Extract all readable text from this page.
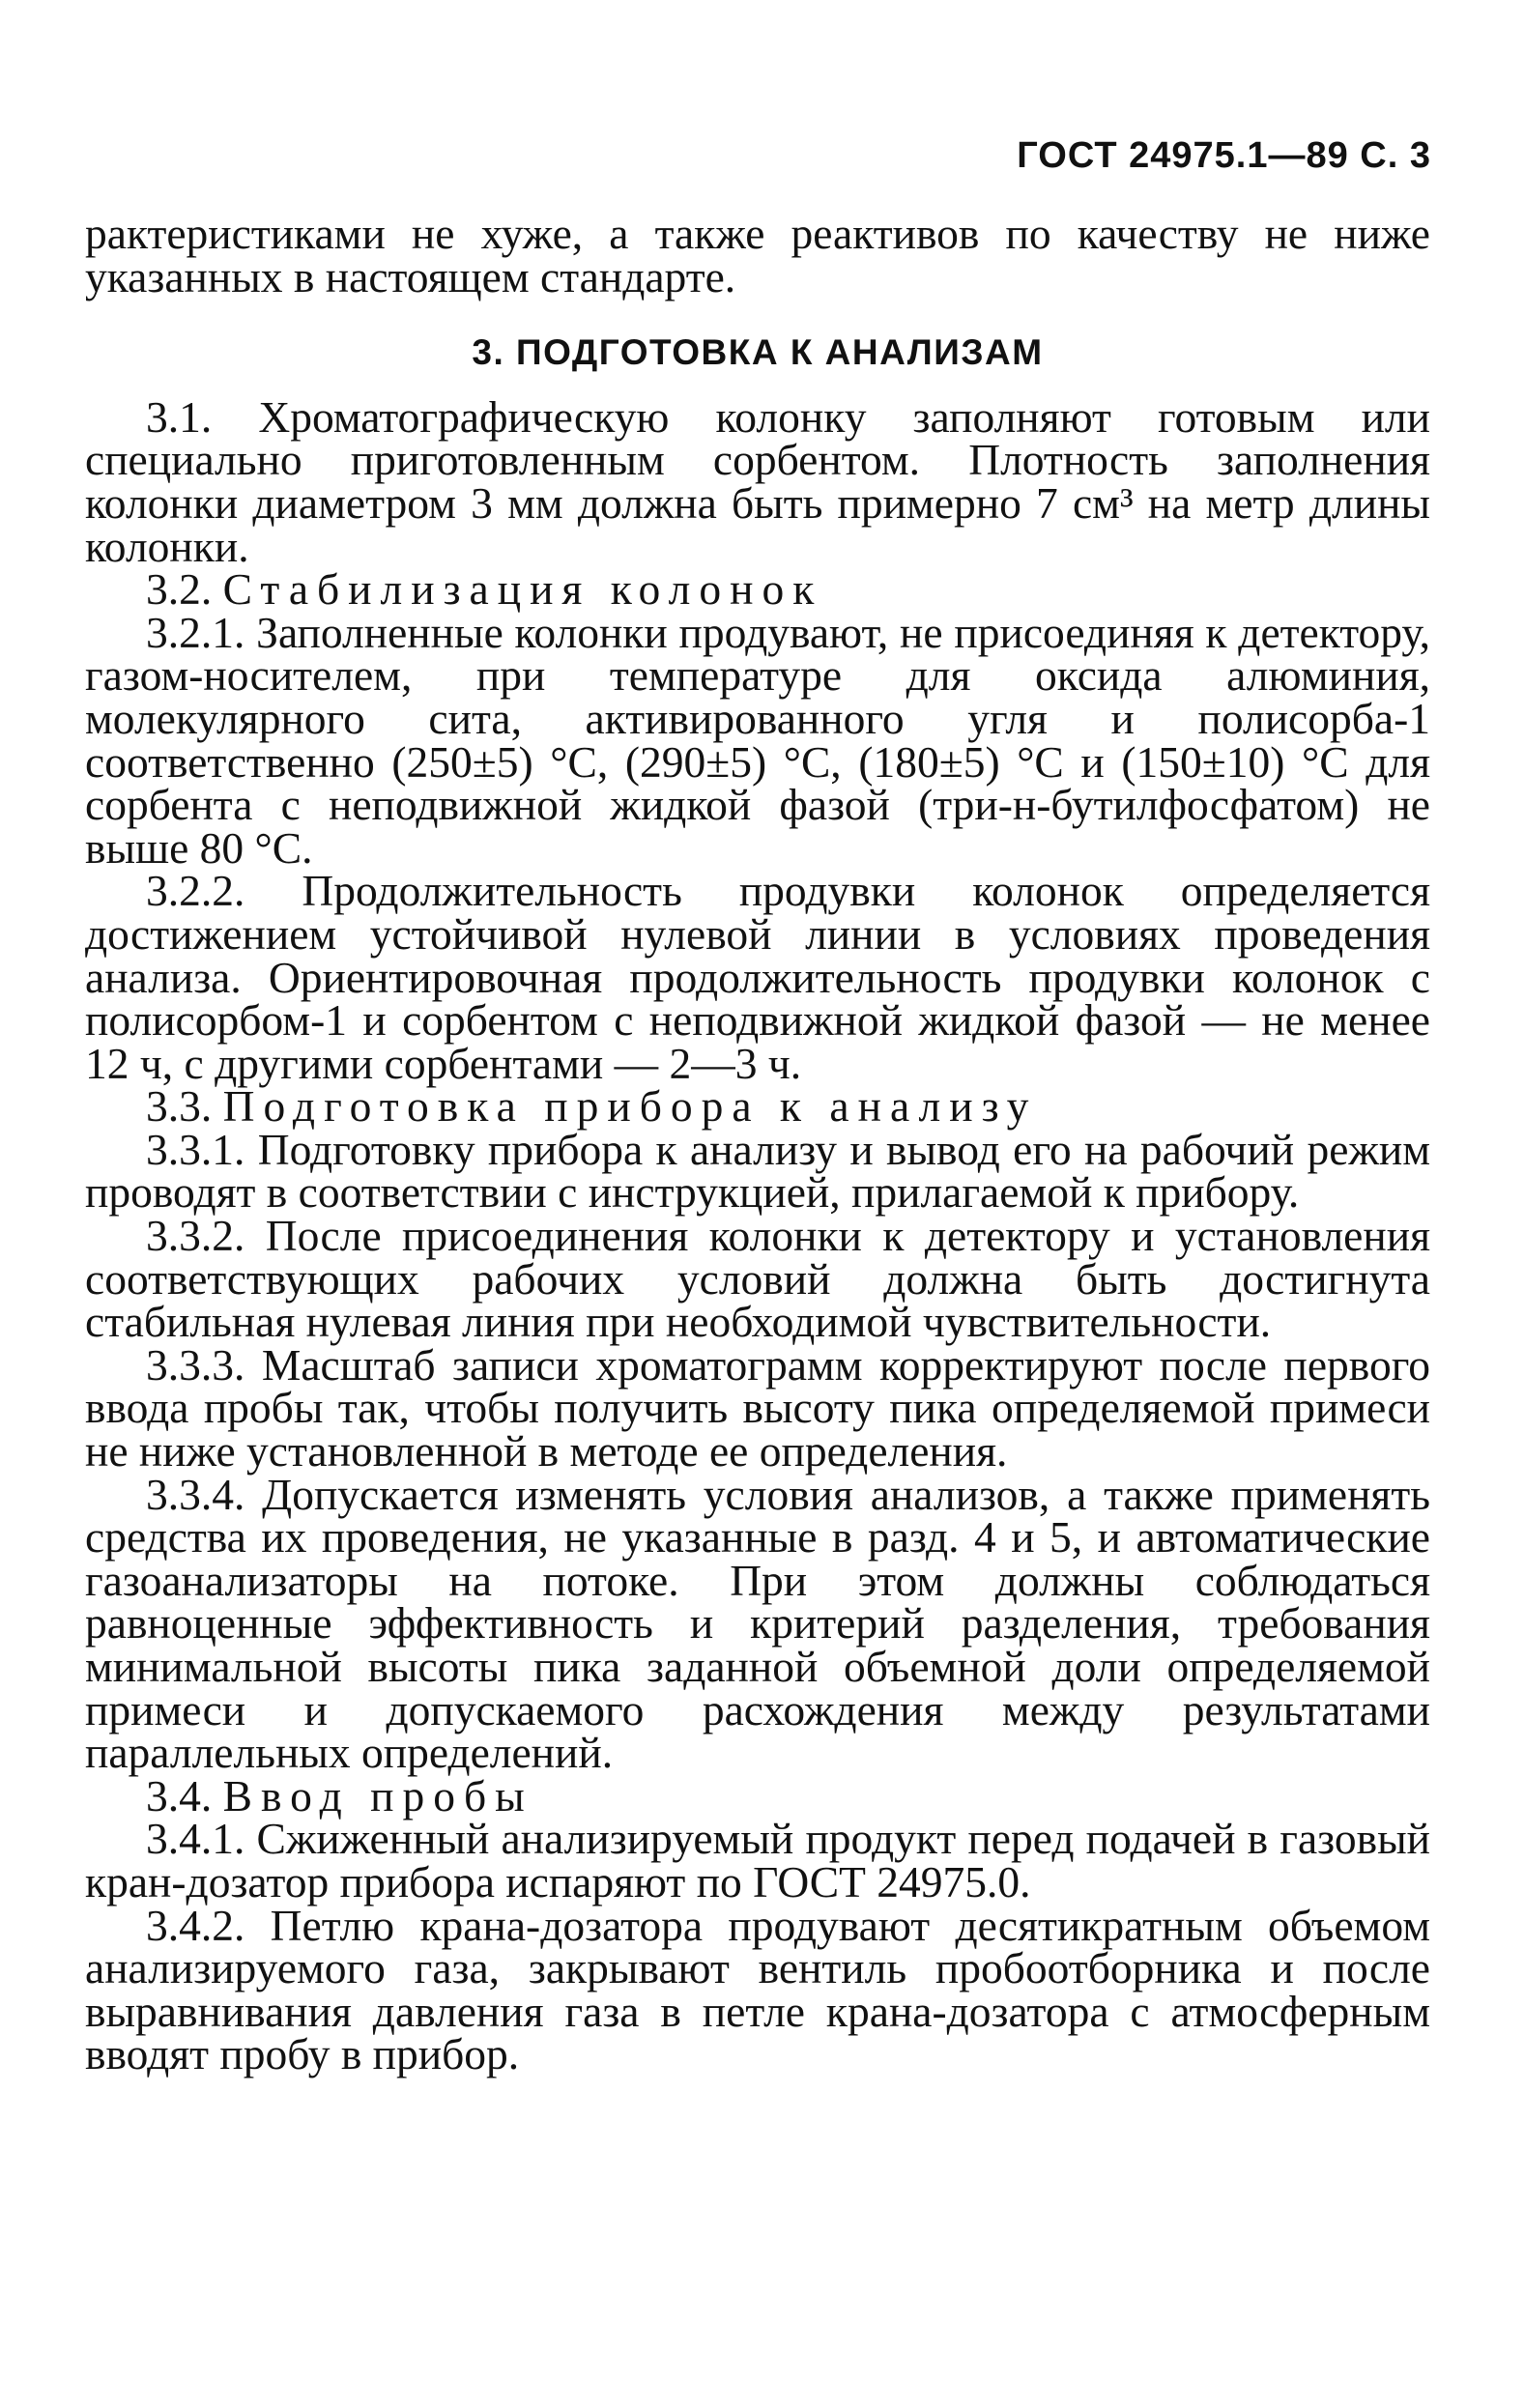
ГОСТ 24975.1—89 С. 3

рактеристиками не хуже, а также реактивов по качеству не ниже указанных в настоящем стандарте.

3. ПОДГОТОВКА К АНАЛИЗАМ

3.1. Хроматографическую колонку заполняют готовым или специально приготовленным сорбентом. Плотность заполнения колонки диаметром 3 мм должна быть примерно 7 см³ на метр длины колонки.

3.2. Стабилизация колонок

3.2.1. Заполненные колонки продувают, не присоединяя к детектору, газом-носителем, при температуре для оксида алюминия, молекулярного сита, активированного угля и полисорба-1 соответственно (250±5) °С, (290±5) °С, (180±5) °С и (150±10) °С для сорбента с неподвижной жидкой фазой (три-н-бутилфосфатом) не выше 80 °С.

3.2.2. Продолжительность продувки колонок определяется достижением устойчивой нулевой линии в условиях проведения анализа. Ориентировочная продолжительность продувки колонок с полисорбом-1 и сорбентом с неподвижной жидкой фазой — не менее 12 ч, с другими сорбентами — 2—3 ч.

3.3. Подготовка прибора к анализу

3.3.1. Подготовку прибора к анализу и вывод его на рабочий режим проводят в соответствии с инструкцией, прилагаемой к прибору.

3.3.2. После присоединения колонки к детектору и установления соответствующих рабочих условий должна быть достигнута стабильная нулевая линия при необходимой чувствительности.

3.3.3. Масштаб записи хроматограмм корректируют после первого ввода пробы так, чтобы получить высоту пика определяемой примеси не ниже установленной в методе ее определения.

3.3.4. Допускается изменять условия анализов, а также применять средства их проведения, не указанные в разд. 4 и 5, и автоматические газоанализаторы на потоке. При этом должны соблюдаться равноценные эффективность и критерий разделения, требования минимальной высоты пика заданной объемной доли определяемой примеси и допускаемого расхождения между результатами параллельных определений.

3.4. Ввод пробы

3.4.1. Сжиженный анализируемый продукт перед подачей в газовый кран-дозатор прибора испаряют по ГОСТ 24975.0.

3.4.2. Петлю крана-дозатора продувают десятикратным объемом анализируемого газа, закрывают вентиль пробоотборника и после выравнивания давления газа в петле крана-дозатора с атмосферным вводят пробу в прибор.
